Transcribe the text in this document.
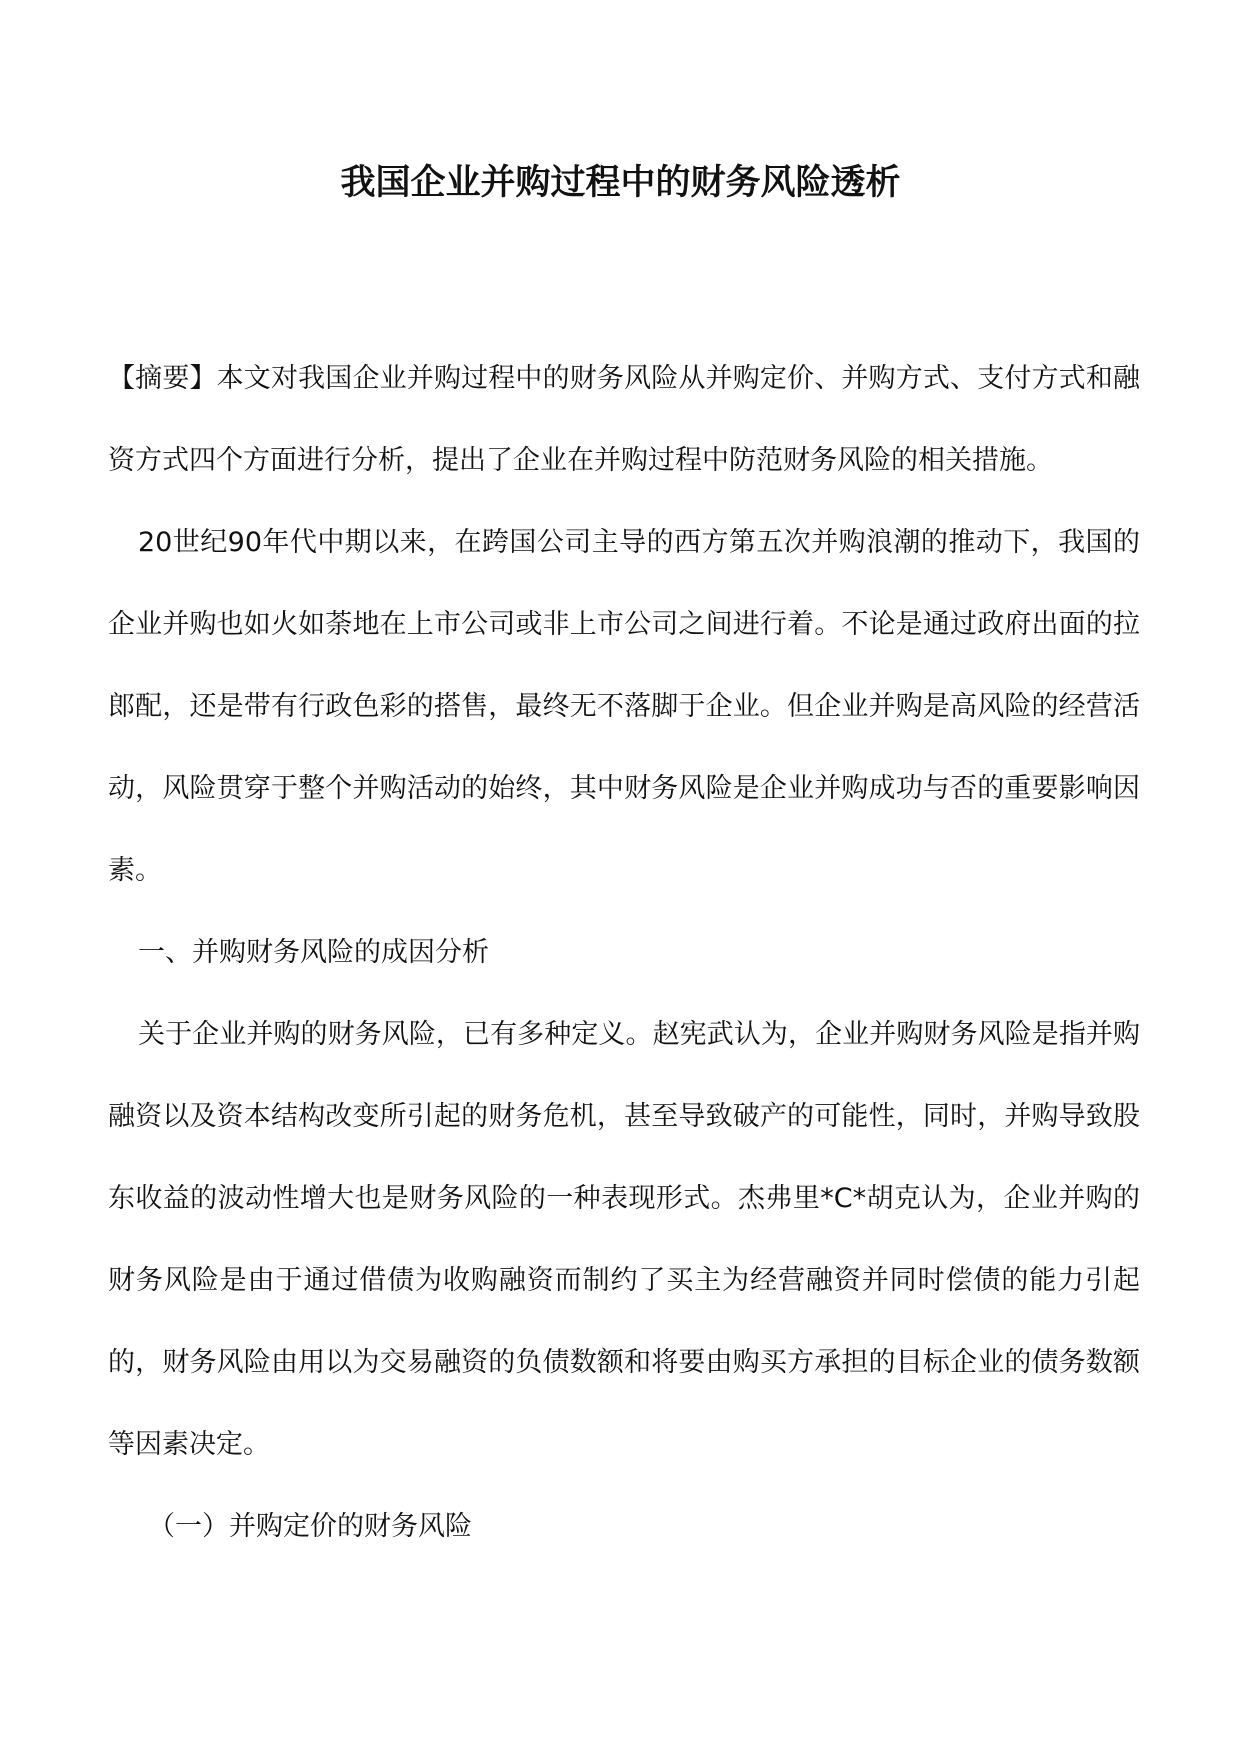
我国企业并购过程中的财务风险透析

【摘要】本文对我国企业并购过程中的财务风险从并购定价、并购方式、支付方式和融资方式四个方面进行分析，提出了企业在并购过程中防范财务风险的相关措施。

20世纪90年代中期以来，在跨国公司主导的西方第五次并购浪潮的推动下，我国的企业并购也如火如荼地在上市公司或非上市公司之间进行着。不论是通过政府出面的拉郎配，还是带有行政色彩的搭售，最终无不落脚于企业。但企业并购是高风险的经营活动，风险贯穿于整个并购活动的始终，其中财务风险是企业并购成功与否的重要影响因素。

一、并购财务风险的成因分析

关于企业并购的财务风险，已有多种定义。赵宪武认为，企业并购财务风险是指并购融资以及资本结构改变所引起的财务危机，甚至导致破产的可能性，同时，并购导致股东收益的波动性增大也是财务风险的一种表现形式。杰弗里*C*胡克认为，企业并购的财务风险是由于通过借债为收购融资而制约了买主为经营融资并同时偿债的能力引起的，财务风险由用以为交易融资的负债数额和将要由购买方承担的目标企业的债务数额等因素决定。

（一）并购定价的财务风险
